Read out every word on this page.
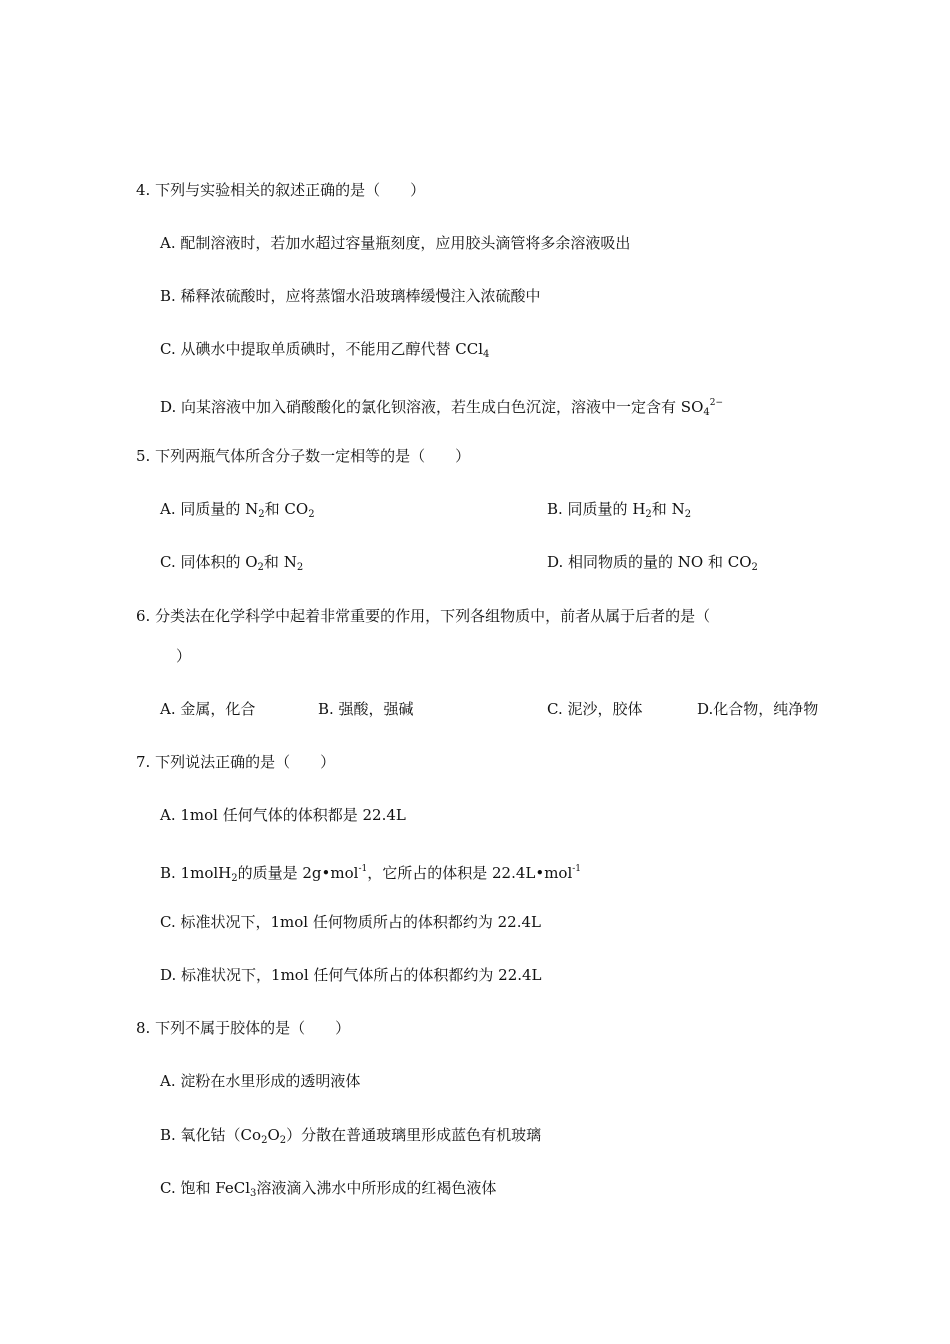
4. 下列与实验相关的叙述正确的是（　　）
A. 配制溶液时，若加水超过容量瓶刻度，应用胶头滴管将多余溶液吸出
B. 稀释浓硫酸时，应将蒸馏水沿玻璃棒缓慢注入浓硫酸中
C. 从碘水中提取单质碘时，不能用乙醇代替 CCl$_4$
D. 向某溶液中加入硝酸酸化的氯化钡溶液，若生成白色沉淀，溶液中一定含有 $SO_4^{2-}$
5. 下列两瓶气体所含分子数一定相等的是（　　）
A. 同质量的 $N_2$和 $CO_2$	B. 同质量的 $H_2$和 $N_2$
C. 同体积的 $O_2$和 $N_2$	D. 相同物质的量的 NO 和 $CO_2$
6. 分类法在化学科学中起着非常重要的作用，下列各组物质中，前者从属于后者的是（
）
A. 金属，化合	B. 强酸，强碱	C. 泥沙，胶体	D.化合物，纯净物
7. 下列说法正确的是（　　）
A. 1mol 任何气体的体积都是 22.4L
B. 1molH$_2$的质量是 2g•mol$^{-1}$，它所占的体积是 22.4L•mol$^{-1}$
C. 标准状况下，1mol 任何物质所占的体积都约为 22.4L
D. 标准状况下，1mol 任何气体所占的体积都约为 22.4L
8. 下列不属于胶体的是（　　）
A. 淀粉在水里形成的透明液体
B. 氧化钴$(Co_2O_2)$分散在普通玻璃里形成蓝色有机玻璃
C. 饱和 FeCl$_3$溶液滴入沸水中所形成的红褐色液体
